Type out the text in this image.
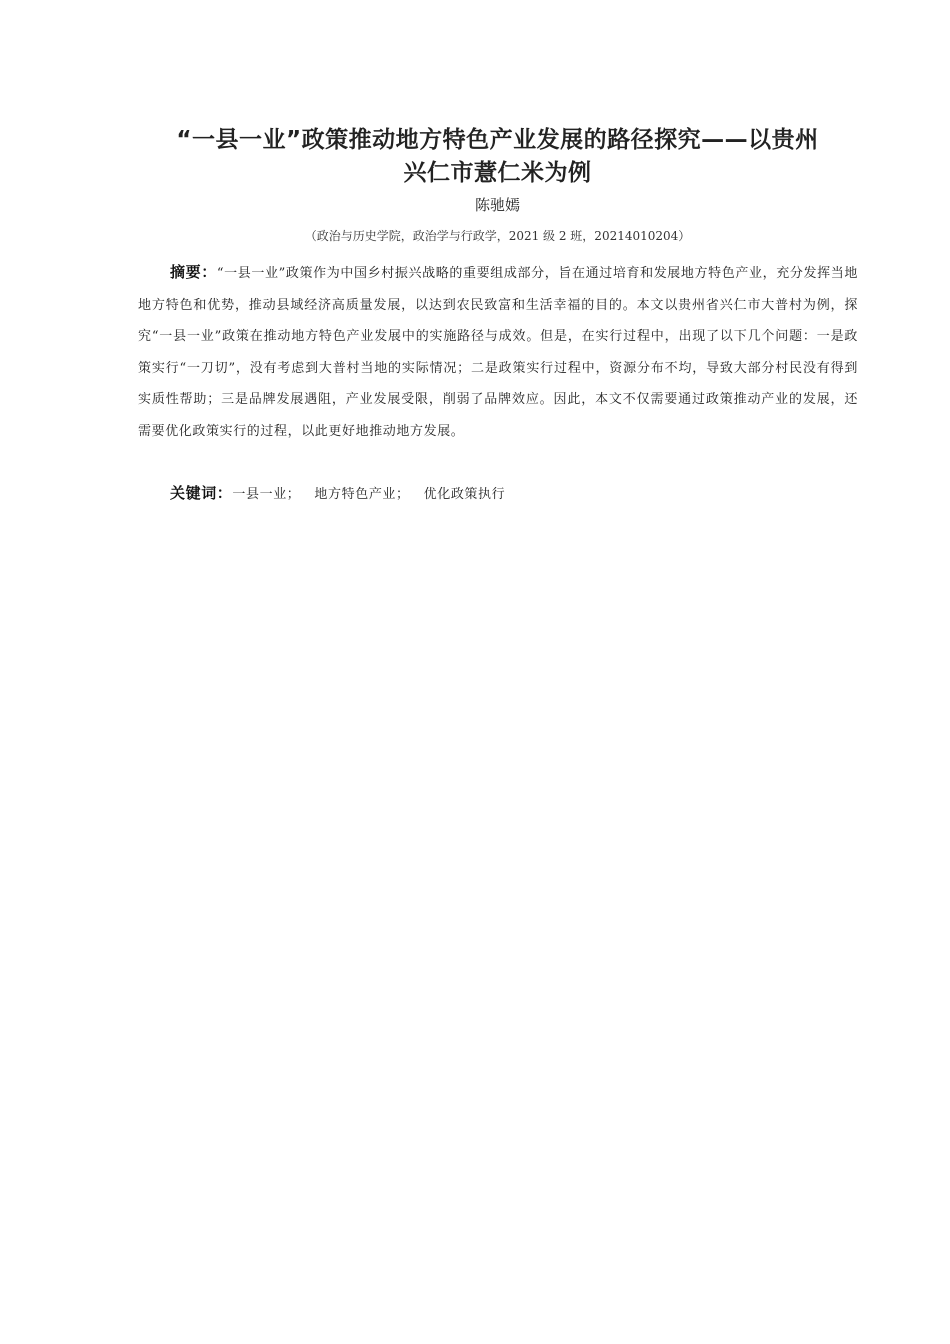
“一县一业”政策推动地方特色产业发展的路径探究——以贵州
兴仁市薏仁米为例
陈驰嫣
（政治与历史学院，政治学与行政学，2021 级 2 班，20214010204）
摘要：“一县一业”政策作为中国乡村振兴战略的重要组成部分，旨在通过培育和发展地方特色产业，充分发挥当地地方特色和优势，推动县域经济高质量发展，以达到农民致富和生活幸福的目的。本文以贵州省兴仁市大普村为例，探究“一县一业”政策在推动地方特色产业发展中的实施路径与成效。但是，在实行过程中，出现了以下几个问题：一是政策实行“一刀切”，没有考虑到大普村当地的实际情况；二是政策实行过程中，资源分布不均，导致大部分村民没有得到实质性帮助；三是品牌发展遇阻，产业发展受限，削弱了品牌效应。因此，本文不仅需要通过政策推动产业的发展，还需要优化政策实行的过程，以此更好地推动地方发展。
关键词：一县一业； 地方特色产业； 优化政策执行
